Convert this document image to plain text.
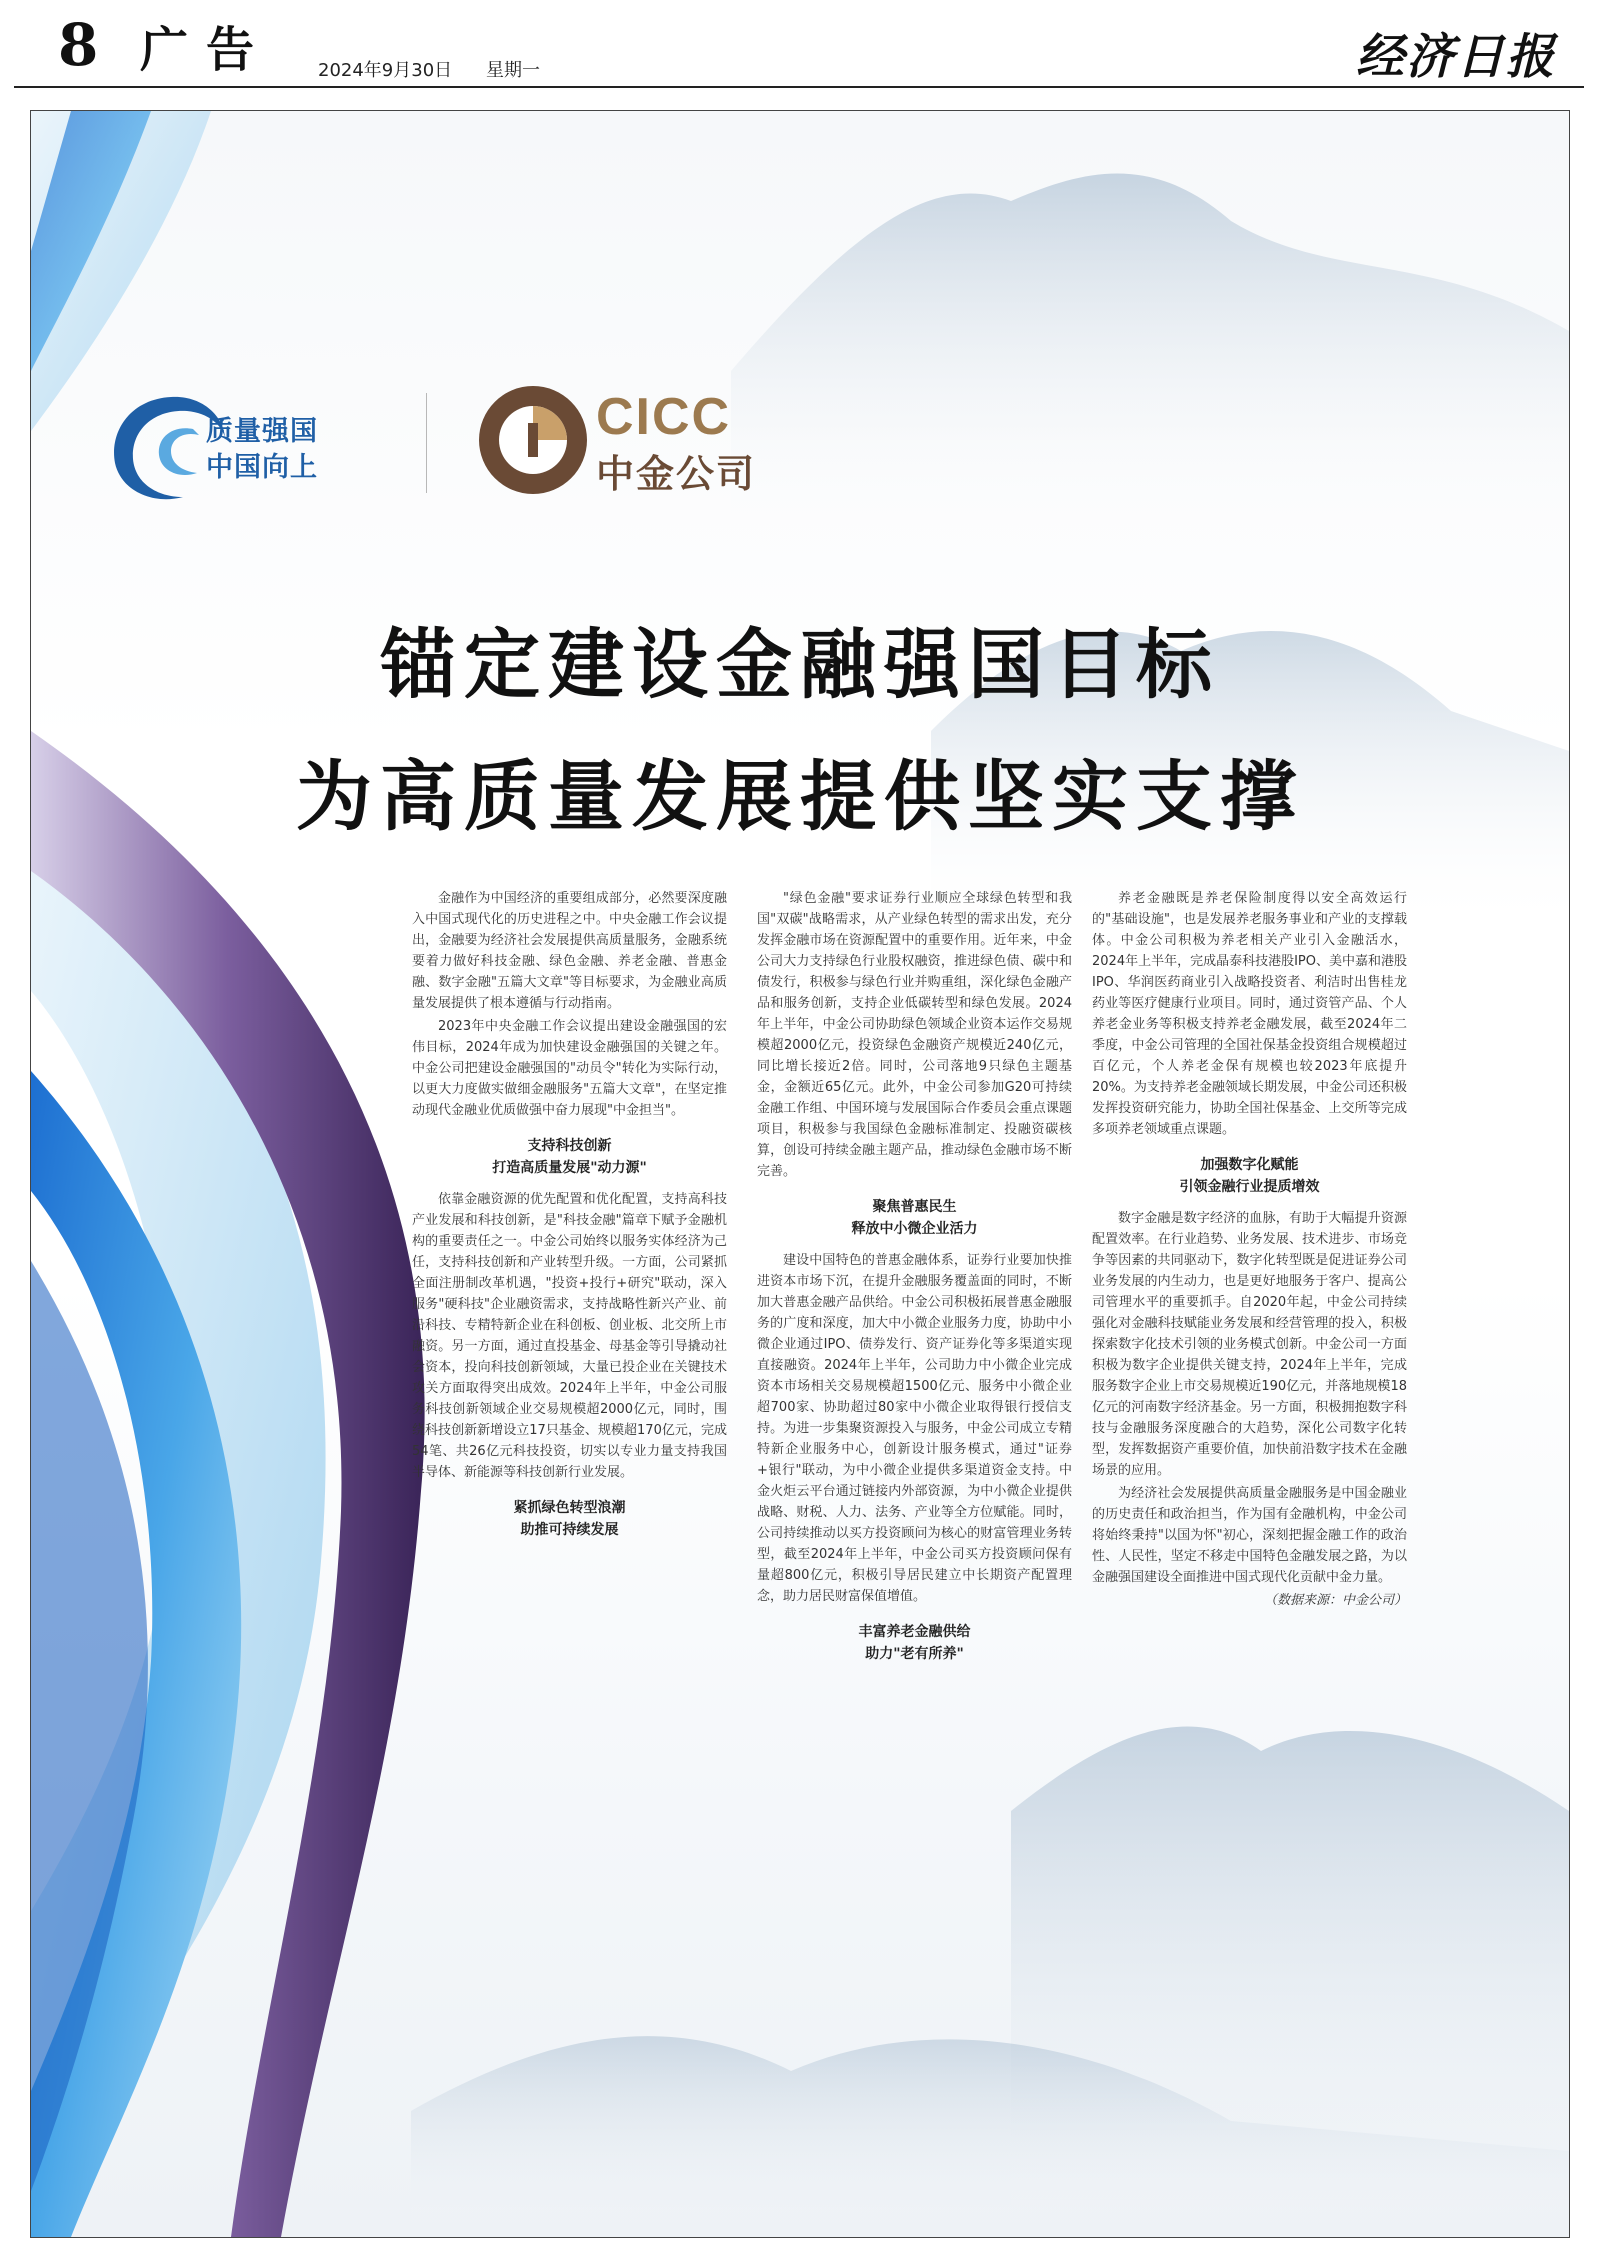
8 广告	2024年9月30日 星期一	经济日报
质量强国
中国向上
CICC
中金公司
锚定建设金融强国目标
为高质量发展提供坚实支撑

金融作为中国经济的重要组成部分，必然要深度融入中国式现代化的历史进程之中。中央金融工作会议提出，金融要为经济社会发展提供高质量服务，金融系统要着力做好科技金融、绿色金融、养老金融、普惠金融、数字金融"五篇大文章"等目标要求，为金融业高质量发展提供了根本遵循与行动指南。

2023年中央金融工作会议提出建设金融强国的宏伟目标，2024年成为加快建设金融强国的关键之年。中金公司把建设金融强国的"动员令"转化为实际行动，以更大力度做实做细金融服务"五篇大文章"，在坚定推动现代金融业优质做强中奋力展现"中金担当"。

支持科技创新
打造高质量发展"动力源"

依靠金融资源的优先配置和优化配置，支持高科技产业发展和科技创新，是"科技金融"篇章下赋予金融机构的重要责任之一。中金公司始终以服务实体经济为己任，支持科技创新和产业转型升级。一方面，公司紧抓全面注册制改革机遇，"投资+投行+研究"联动，深入服务"硬科技"企业融资需求，支持战略性新兴产业、前沿科技、专精特新企业在科创板、创业板、北交所上市融资。另一方面，通过直投基金、母基金等引导撬动社会资本，投向科技创新领域，大量已投企业在关键技术攻关方面取得突出成效。2024年上半年，中金公司服务科技创新领域企业交易规模超2000亿元，同时，围绕科技创新新增设立17只基金、规模超170亿元，完成54笔、共26亿元科技投资，切实以专业力量支持我国半导体、新能源等科技创新行业发展。

紧抓绿色转型浪潮
助推可持续发展

"绿色金融"要求证券行业顺应全球绿色转型和我国"双碳"战略需求，从产业绿色转型的需求出发，充分发挥金融市场在资源配置中的重要作用。近年来，中金公司大力支持绿色行业股权融资，推进绿色债、碳中和债发行，积极参与绿色行业并购重组，深化绿色金融产品和服务创新，支持企业低碳转型和绿色发展。2024年上半年，中金公司协助绿色领域企业资本运作交易规模超2000亿元，投资绿色金融资产规模近240亿元，同比增长接近2倍。同时，公司落地9只绿色主题基金，金额近65亿元。此外，中金公司参加G20可持续金融工作组、中国环境与发展国际合作委员会重点课题项目，积极参与我国绿色金融标准制定、投融资碳核算，创设可持续金融主题产品，推动绿色金融市场不断完善。

聚焦普惠民生
释放中小微企业活力

建设中国特色的普惠金融体系，证券行业要加快推进资本市场下沉，在提升金融服务覆盖面的同时，不断加大普惠金融产品供给。中金公司积极拓展普惠金融服务的广度和深度，加大中小微企业服务力度，协助中小微企业通过IPO、债券发行、资产证券化等多渠道实现直接融资。2024年上半年，公司助力中小微企业完成资本市场相关交易规模超1500亿元、服务中小微企业超700家、协助超过80家中小微企业取得银行授信支持。为进一步集聚资源投入与服务，中金公司成立专精特新企业服务中心，创新设计服务模式，通过"证券+银行"联动，为中小微企业提供多渠道资金支持。中金火炬云平台通过链接内外部资源，为中小微企业提供战略、财税、人力、法务、产业等全方位赋能。同时，公司持续推动以买方投资顾问为核心的财富管理业务转型，截至2024年上半年，中金公司买方投资顾问保有量超800亿元，积极引导居民建立中长期资产配置理念，助力居民财富保值增值。

丰富养老金融供给
助力"老有所养"

养老金融既是养老保险制度得以安全高效运行的"基础设施"，也是发展养老服务事业和产业的支撑载体。中金公司积极为养老相关产业引入金融活水，2024年上半年，完成晶泰科技港股IPO、美中嘉和港股IPO、华润医药商业引入战略投资者、利洁时出售桂龙药业等医疗健康行业项目。同时，通过资管产品、个人养老金业务等积极支持养老金融发展，截至2024年二季度，中金公司管理的全国社保基金投资组合规模超过百亿元，个人养老金保有规模也较2023年底提升20%。为支持养老金融领域长期发展，中金公司还积极发挥投资研究能力，协助全国社保基金、上交所等完成多项养老领域重点课题。

加强数字化赋能
引领金融行业提质增效

数字金融是数字经济的血脉，有助于大幅提升资源配置效率。在行业趋势、业务发展、技术进步、市场竞争等因素的共同驱动下，数字化转型既是促进证券公司业务发展的内生动力，也是更好地服务于客户、提高公司管理水平的重要抓手。自2020年起，中金公司持续强化对金融科技赋能业务发展和经营管理的投入，积极探索数字化技术引领的业务模式创新。中金公司一方面积极为数字企业提供关键支持，2024年上半年，完成服务数字企业上市交易规模近190亿元，并落地规模18亿元的河南数字经济基金。另一方面，积极拥抱数字科技与金融服务深度融合的大趋势，深化公司数字化转型，发挥数据资产重要价值，加快前沿数字技术在金融场景的应用。

为经济社会发展提供高质量金融服务是中国金融业的历史责任和政治担当，作为国有金融机构，中金公司将始终秉持"以国为怀"初心，深刻把握金融工作的政治性、人民性，坚定不移走中国特色金融发展之路，为以金融强国建设全面推进中国式现代化贡献中金力量。

（数据来源：中金公司）
